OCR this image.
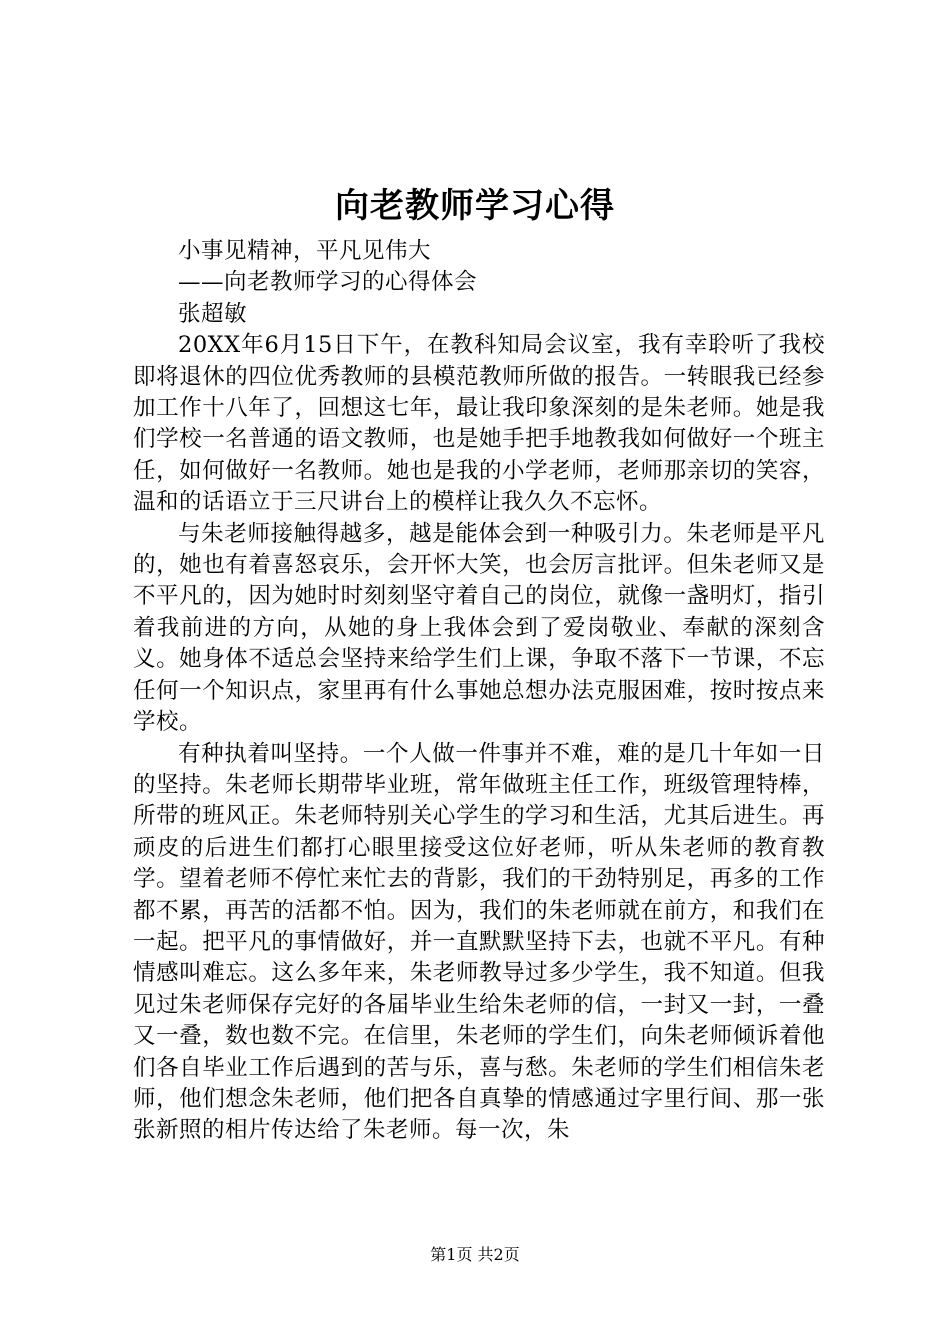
向老教师学习心得

小事见精神，平凡见伟大

——向老教师学习的心得体会

张超敏

20XX年6月15日下午，在教科知局会议室，我有幸聆听了我校即将退休的四位优秀教师的县模范教师所做的报告。一转眼我已经参加工作十八年了，回想这七年，最让我印象深刻的是朱老师。她是我们学校一名普通的语文教师，也是她手把手地教我如何做好一个班主任，如何做好一名教师。她也是我的小学老师，老师那亲切的笑容，温和的话语立于三尺讲台上的模样让我久久不忘怀。

与朱老师接触得越多，越是能体会到一种吸引力。朱老师是平凡的，她也有着喜怒哀乐，会开怀大笑，也会厉言批评。但朱老师又是不平凡的，因为她时时刻刻坚守着自己的岗位，就像一盏明灯，指引着我前进的方向，从她的身上我体会到了爱岗敬业、奉献的深刻含义。她身体不适总会坚持来给学生们上课，争取不落下一节课，不忘任何一个知识点，家里再有什么事她总想办法克服困难，按时按点来学校。

有种执着叫坚持。一个人做一件事并不难，难的是几十年如一日的坚持。朱老师长期带毕业班，常年做班主任工作，班级管理特棒，所带的班风正。朱老师特别关心学生的学习和生活，尤其后进生。再顽皮的后进生们都打心眼里接受这位好老师，听从朱老师的教育教学。望着老师不停忙来忙去的背影，我们的干劲特别足，再多的工作都不累，再苦的活都不怕。因为，我们的朱老师就在前方，和我们在一起。把平凡的事情做好，并一直默默坚持下去，也就不平凡。有种情感叫难忘。这么多年来，朱老师教导过多少学生，我不知道。但我见过朱老师保存完好的各届毕业生给朱老师的信，一封又一封，一叠又一叠，数也数不完。在信里，朱老师的学生们，向朱老师倾诉着他们各自毕业工作后遇到的苦与乐，喜与愁。朱老师的学生们相信朱老师，他们想念朱老师，他们把各自真挚的情感通过字里行间、那一张张新照的相片传达给了朱老师。每一次，朱

第1页 共2页
